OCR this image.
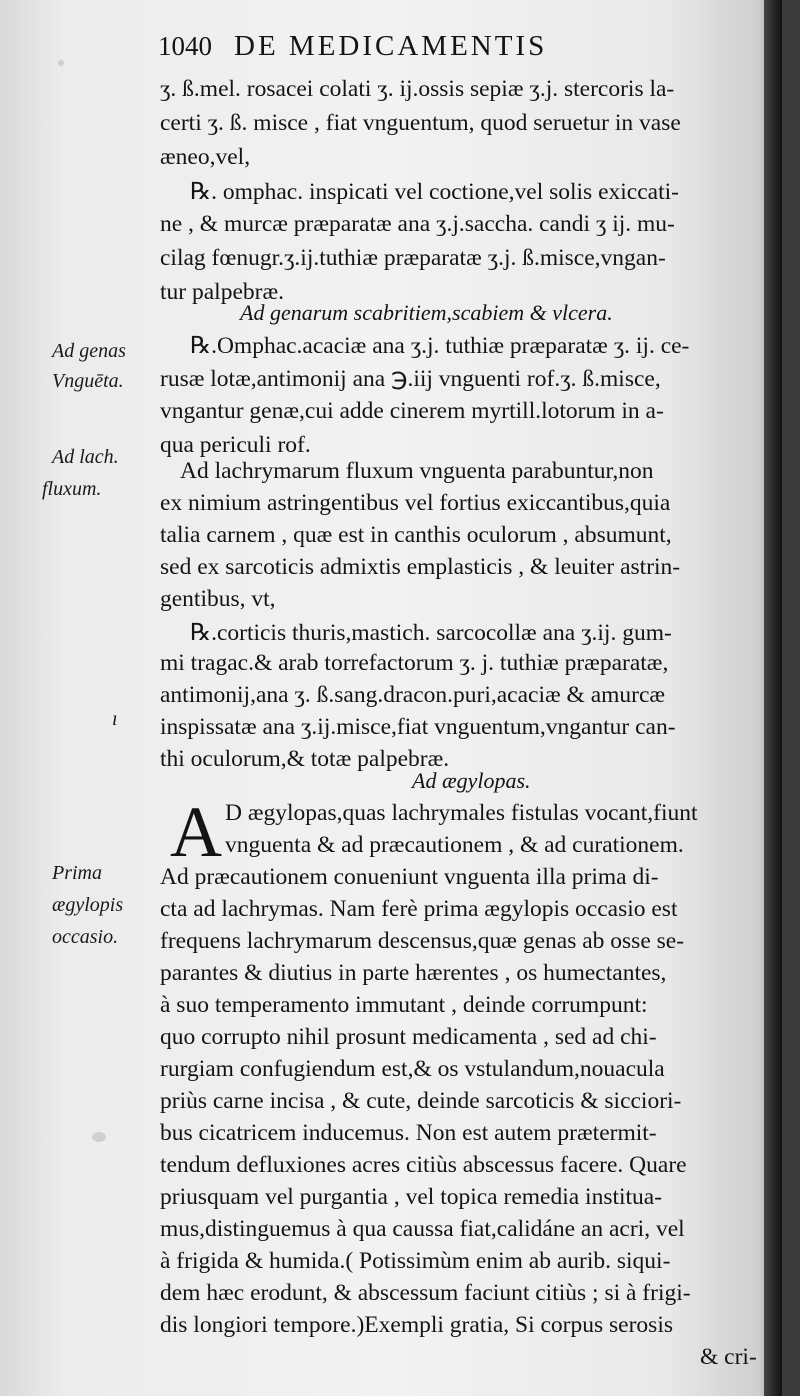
1040 DE MEDICAMENTIS
ʒ. ß.mel. rosacei colati ʒ. ij.ossis sepiæ ʒ.j. stercoris la-
certi ʒ. ß. misce , fiat vnguentum, quod seruetur in vase
æneo,vel,
℞. omphac. inspicati vel coctione,vel solis exiccati-
ne , & murcæ præparatæ ana ʒ.j.saccha. candi ʒ ij. mu-
cilag fœnugr.ʒ.ij.tuthiæ præparatæ ʒ.j. ß.misce,vngan-
tur palpebræ.
Ad genarum scabritiem,scabiem & vlcera.
℞.Omphac.acaciæ ana ʒ.j. tuthiæ præparatæ ʒ. ij. ce-
rusæ lotæ,antimonij ana ℈.iij vnguenti rof.ʒ. ß.misce,
vngantur genæ,cui adde cinerem myrtill.lotorum in a-
qua periculi rof.
Ad lachrymarum fluxum vnguenta parabuntur,non
ex nimium astringentibus vel fortius exiccantibus,quia
talia carnem , quæ est in canthis oculorum , absumunt,
sed ex sarcoticis admixtis emplasticis , & leuiter astrin-
gentibus, vt,
℞.corticis thuris,mastich. sarcocollæ ana ʒ.ij. gum-
mi tragac.& arab torrefactorum ʒ. j. tuthiæ præparatæ,
antimonij,ana ʒ. ß.sang.dracon.puri,acaciæ & amurcæ
inspissatæ ana ʒ.ij.misce,fiat vnguentum,vngantur can-
thi oculorum,& totæ palpebræ.
Ad ægylopas.
A D ægylopas,quas lachrymales fistulas vocant,fiunt
vnguenta & ad præcautionem , & ad curationem.
Ad præcautionem conueniunt vnguenta illa prima di-
cta ad lachrymas. Nam ferè prima ægylopis occasio est
frequens lachrymarum descensus,quæ genas ab osse se-
parantes & diutius in parte hærentes , os humectantes,
à suo temperamento immutant , deinde corrumpunt:
quo corrupto nihil prosunt medicamenta , sed ad chi-
rurgiam confugiendum est,& os vstulandum,nouacula
priùs carne incisa , & cute, deinde sarcoticis & sicciori-
bus cicatricem inducemus. Non est autem prætermit-
tendum defluxiones acres citiùs abscessus facere. Quare
priusquam vel purgantia , vel topica remedia institua-
mus,distinguemus à qua caussa fiat,calidáne an acri, vel
à frigida & humida.( Potissimùm enim ab aurib. siqui-
dem hæc erodunt, & abscessum faciunt citiùs ; si à frigi-
dis longiori tempore.)Exempli gratia, Si corpus serosis
& cri-
Ad genas
Vnguēta.
Ad lach.
fluxum.
ı
Prima
ægylopis
occasio.
